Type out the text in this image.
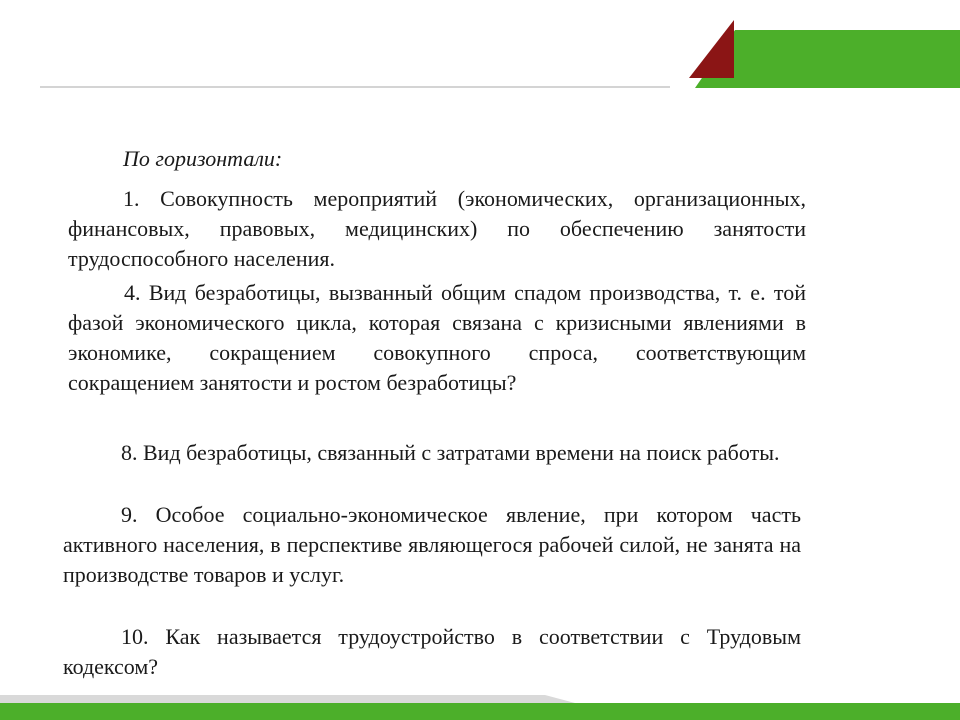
По горизонтали:

1. Совокупность мероприятий (экономических, организационных, финансовых, правовых, медицинских) по обеспечению занятости трудоспособного населения.

4. Вид безработицы, вызванный общим спадом производства, т. е. той фазой экономического цикла, которая связана с кризисными явлениями в экономике, сокращением совокупного спроса, соответствующим сокращением занятости и ростом безработицы?

8. Вид безработицы, связанный с затратами времени на поиск работы.

9. Особое социально-экономическое явление, при котором часть активного населения, в перспективе являющегося рабочей силой, не занята на производстве товаров и услуг.

10. Как называется трудоустройство в соответствии с Трудовым кодексом?
